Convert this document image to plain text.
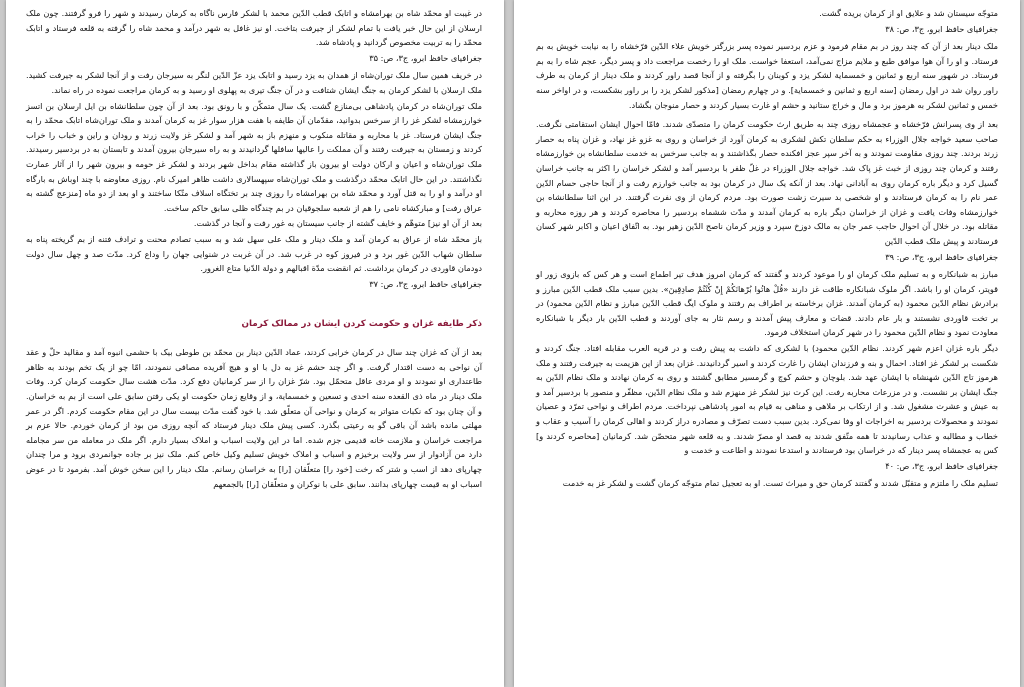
در غیبت او محمّد شاه بن بهرامشاه و اتابک قطب الدّین محمد با لشکر فارس ناگاه به کرمان رسیدند و شهر را فرو گرفتند. چون ملک ارسلان از این حال خبر یافت با تمام لشکر از جیرفت بتاخت. او نیز غافل به شهر درآمد و محمد شاه را گرفته به قلعه فرستاد و اتابک محمّد را به تربیت مخصوص گردانید و پادشاه شد.

جغرافیای حافظ ابرو، ج۳، ص: ۳۵

در خریف همین سال ملک توران‌شاه از همدان به یزد رسید و اتابک یزد عزّ الدّین لنگر به سیرجان رفت و از آنجا لشکر به جیرفت کشید. ملک ارسلان با لشکر کرمان به جنگ ایشان شتافت و در آن جنگ تیری به پهلوی او رسید و به کرمان مراجعت نموده در راه نماند.

ملک توران‌شاه در کرمان پادشاهی بی‌منازع گشت. یک سال متمکّن و با رونق بود. بعد از آن چون سلطانشاه بن ایل ارسلان بن اتسز خوارزمشاه لشکر غز را از سرخس بدوانید، مقدّمان آن طایفه با هفت هزار سوار غز به کرمان آمدند و ملک توران‌شاه اتابک محمّد را به جنگ ایشان فرستاد. غز با محاربه و مقاتله منکوب و منهزم باز به شهر آمد و لشکر غز ولایت زرند و رودان و راین و خباب را خراب کردند و زمستان به جیرفت رفتند و آن مملکت را عالیها سافلها گردانیدند و به راه سیرجان بیرون آمدند و تابستان به در بردسیر رسیدند. ملک توران‌شاه و اعیان و ارکان دولت او بیرون باز گذاشته مقام بداخل شهر بردند و لشکر غز حومه و بیرون شهر را از آثار عمارت نگذاشتند. در این حال اتابک محمّد درگذشت و ملک توران‌شاه سپهسالاری داشت ظاهر امیرک نام. روزی معاوضه با چند اوباش به بارگاه او درآمد و او را به قتل آورد و محمّد شاه بن بهرامشاه را روزی چند بر تختگاه اسلاف متّکا ساختند و او بعد از دو ماه [منزعج گشته به عراق رفت] و مبارکشاه نامی را هم از شعبه سلجوقیان در بم چندگاه ظلی سابق حاکم ساخت.

بعد از آن او نیز] متوهّم و خایف گشته از جانب سیستان به غور رفت و آنجا در گذشت.

باز محمّد شاه از عراق به کرمان آمد و ملک دینار و ملک علی سهل شد و به سبب تصادم محنت و ترادف فتنه از بم گریخته پناه به سلطان شهاب الدّین غور برد و در فیروز کوه در غرب شد. در آن غربت در شنوایی جهان را وداع کرد. مدّت صد و چهل سال دولت دودمان قاوردی در کرمان برداشت. ثم انقضت مدّة اقبالهم و دولة الدّنیا متاع الغرور.

جغرافیای حافظ ابرو، ج۳، ص: ۳۷

ذکر طایفه غزان و حکومت کردن ایشان در ممالک کرمان

بعد از آن که غزان چند سال در کرمان خرابی کردند، عماد الدّین دینار بن محمّد بن طوطی بیک با حشمی انبوه آمد و مقالید حلّ و عقد آن نواحی به دست اقتدار گرفت. و اگر چند حشم غز به دل با او و هیچ آفریده مصافی ننمودند، امّا چو از یک تخم بودند به ظاهر طاعتداری او نمودند و او مردی عاقل متحمّل بود. شرّ غزان را از سر کرمانیان دفع کرد. مدّت هشت سال حکومت کرمان کرد. وفات ملک دینار در ماه ذی القعده سنه احدی و تسعین و خمسمایة، و از وقایع زمان حکومت او یکی رفتن سابق علی است از بم به خراسان. و آن چنان بود که نکبات متواتر به کرمان و نواحی آن متعلّق شد. با خود گفت مدّت بیست سال در این مقام حکومت کردم. اگر در عمر مهلتی مانده باشد آن باقی گو به رعیتی بگذرد. کسی پیش ملک دینار فرستاد که آنچه روزی من بود از کرمان خوردم. حالا عزم بر مراجعت خراسان و ملازمت خانه قدیمی جزم شده. اما در این ولایت اسباب و املاک بسیار دارم. اگر ملک در معامله من سر مجامله دارد من آزادوار از سر ولایت برخیزم و اسباب و املاک خویش تسلیم وکیل خاص کنم. ملک نیز بر جاده جوانمردی برود و مرا چندان چهارپای دهد از اسب و شتر که رخت [خود را] متعلّقان [را] به خراسان رسانم. ملک دینار را این سخن خوش آمد. بفرمود تا در عوض اسباب او به قیمت چهارپای بدانند. سابق علی با نوکران و متعلّقان [را] بالجمعهم

متوجّه سیستان شد و علایق او از کرمان بریده گشت.

جغرافیای حافظ ابرو، ج۳، ص: ۳۸

ملک دینار بعد از آن که چند روز در بم مقام فرمود و عزم بردسیر نموده پسر بزرگتر خویش علاء الدّین فرّخشاه را به نیابت خویش به بم فرستاد. و او را آن هوا موافق طبع و ملایم مزاج نمی‌آمد، استعفا خواست. ملک او را رخصت مراجعت داد و پسر دیگر، عجم شاه را به بم فرستاد. در شهور سنه اربع و ثمانین و خمسمایة لشکر یزد و کوبنان را بگرفته و از آنجا قصد راور کردند و ملک دینار از کرمان به طرف راور روان شد در اول رمضان [سنه اربع و ثمانین و خمسمایة]. و در چهارم رمضان [مذکور لشکر یزد را بر راور بشکست، و در اواخر سنه خمس و ثمانین لشکر به هرموز برد و مال و خراج ستانید و حشم او غارت بسیار کردند و حصار منوجان بگشاد.

بعد از وی پسرانش فرّخشاه و عجمشاه روزی چند به طریق ارث حکومت کرمان را متصدّی شدند. فامّا احوال ایشان استقامتی نگرفت. صاحب سعید خواجه جلال الوزراء به حکم سلطان تکش لشکری به کرمان آورد از خراسان و روی به غزو غز نهاد، و غزان پناه به حصار زرند بردند. چند روزی مقاومت نمودند و به آخر سپر عجز افکنده حصار بگذاشتند و به جانب سرخس به خدمت سلطانشاه بن خوارزمشاه رفتند و کرمان چند روزی از خبث غز پاک شد. خواجه جلال الوزراء در غلّ ظفر با بردسیر آمد و لشکر خراسان را اکثر به جانب خراسان گسیل کرد و دیگر باره کرمان روی به آبادانی نهاد. بعد از آنکه یک سال در کرمان بود به جانب خوارزم رفت و از آنجا حاجی حسام الدّین عمر نام را به کرمان فرستادند و او شخصی بد سیرت زشت صورت بود. مردم کرمان از وی نفرت گرفتند. در این اثنا سلطانشاه بن خوارزمشاه وفات یافت و غزان از خراسان دیگر باره به کرمان آمدند و مدّت ششماه بردسیر را محاصره کردند و هر روزه محاربه و مقاتله بود. در خلال آن احوال حاجب عمر جان به مالک دوزخ سپرد و وزیر کرمان ناصح الدّین زهیر بود. به اتّفاق اعیان و اکابر شهر کسان فرستادند و پیش ملک قطب الدّین

جغرافیای حافظ ابرو، ج۳، ص: ۳۹

مبارز به شبانکاره و به تسلیم ملک کرمان او را موعود کردند و گفتند که کرمان امروز هدف تیر اطماع است و هر کس که بازوی زور او قویتر، کرمان او را باشد. اگر ملوک شبانکاره طاقت غز دارند «قُلْ هاتُوا بُرْهانَکُمْ إِنْ کُنْتُمْ صادِقِینَ». بدین سبب ملک قطب الدّین مبارز و برادرش نظام الدّین محمود (به کرمان آمدند. غزان برخاسته بر اطراف بم رفتند و ملوک ایگ قطب الدّین مبارز و نظام الدّین محمود) در بر تخت قاوردی نشستند و بار عام دادند. قضات و معارف پیش آمدند و رسم نثار به جای آوردند و قطب الدّین بار دیگر با شبانکاره معاودت نمود و نظام الدّین محمود را در شهر کرمان استخلاف فرمود.

دیگر باره غزان اعزم شهر کردند. نظام الدّین محمود) با لشکری که داشت به پیش رفت و در قریه العرب مقابله افتاد. جنگ کردند و شکست بر لشکر غز افتاد. احمال و بنه و فرزندان ایشان را غارت کردند و اسیر گردانیدند. غزان بعد از این هزیمت به جیرفت رفتند و ملک هرموز تاج الدّین شهنشاه با ایشان عهد شد. بلوچان و حشم کوچ و گرمسیر مطابق گشتند و روی به کرمان نهادند و ملک نظام الدّین به جنگ ایشان بر نشست. و در مزرعات محاربه رفت. این کرت نیز لشکر غز منهزم شد و ملک نظام الدّین، مظفّر و منصور با بردسیر آمد و به عیش و عشرت مشغول شد. و از ارتکاب بر ملاهی و مناهی به قیام به امور پادشاهی نپرداخت. مردم اطراف و نواحی تمرّد و عصیان نمودند و محصولات بردسیر به اخراجات او وفا نمی‌کرد. بدین سبب دست تصرّف و مصادره دراز کردند و اهالی کرمان را آسیب و عقاب و خطاب و مطالبه و عذاب رسانیدند تا همه متّفق شدند به قصد او مصرّ شدند. و به قلعه شهر متحصّن شد. کرمانیان [محاصره کردند و] کس به عجمشاه پسر دینار که در خراسان بود فرستادند و استدعا نمودند و اطاعت و خدمت و

جغرافیای حافظ ابرو، ج۳، ص: ۴۰

تسلیم ملک را ملتزم و متقبّل شدند و گفتند کرمان حق و میراث تست. او به تعجیل تمام متوجّه کرمان گشت و لشکر غز به خدمت
